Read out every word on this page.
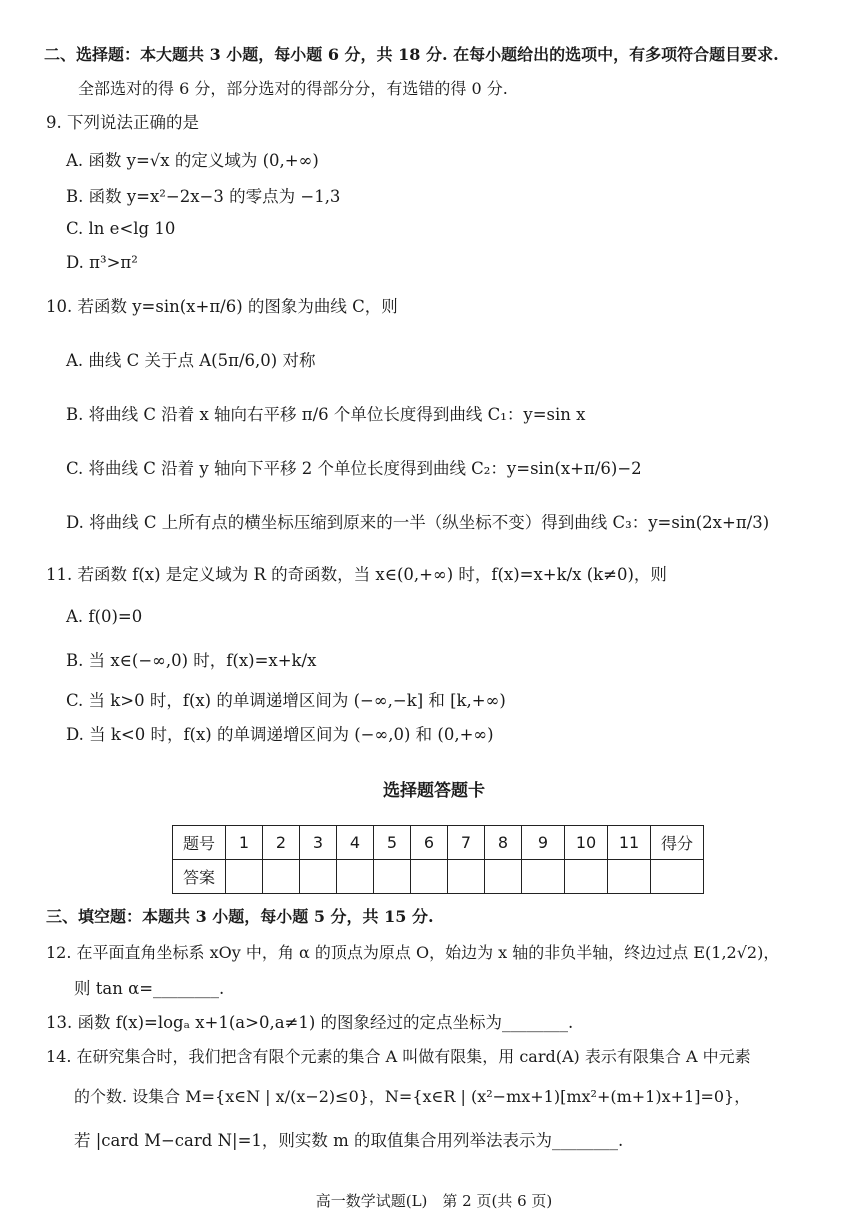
二、选择题：本大题共 3 小题，每小题 6 分，共 18 分. 在每小题给出的选项中，有多项符合题目要求.
全部选对的得 6 分，部分选对的得部分分，有选错的得 0 分.
9. 下列说法正确的是
A. 函数 y=√x 的定义域为 (0,+∞)
B. 函数 y=x²−2x−3 的零点为 −1,3
C. ln e<lg 10
D. π³>π²
10. 若函数 y=sin(x+π/6) 的图象为曲线 C，则
A. 曲线 C 关于点 A(5π/6,0) 对称
B. 将曲线 C 沿着 x 轴向右平移 π/6 个单位长度得到曲线 C₁：y=sin x
C. 将曲线 C 沿着 y 轴向下平移 2 个单位长度得到曲线 C₂：y=sin(x+π/6)−2
D. 将曲线 C 上所有点的横坐标压缩到原来的一半（纵坐标不变）得到曲线 C₃：y=sin(2x+π/3)
11. 若函数 f(x) 是定义域为 R 的奇函数，当 x∈(0,+∞) 时，f(x)=x+k/x (k≠0)，则
A. f(0)=0
B. 当 x∈(−∞,0) 时，f(x)=x+k/x
C. 当 k>0 时，f(x) 的单调递增区间为 (−∞,−k] 和 [k,+∞)
D. 当 k<0 时，f(x) 的单调递增区间为 (−∞,0) 和 (0,+∞)
选择题答题卡
题号	1	2	3	4	5	6	7	8	9	10	11	得分
答案												
三、填空题：本题共 3 小题，每小题 5 分，共 15 分.
12. 在平面直角坐标系 xOy 中，角 α 的顶点为原点 O，始边为 x 轴的非负半轴，终边过点 E(1,2√2)，
则 tan α=________.
13. 函数 f(x)=logₐ x+1(a>0,a≠1) 的图象经过的定点坐标为________.
14. 在研究集合时，我们把含有限个元素的集合 A 叫做有限集，用 card(A) 表示有限集合 A 中元素
的个数. 设集合 M={x∈N | x/(x−2)≤0}，N={x∈R | (x²−mx+1)[mx²+(m+1)x+1]=0}，
若 |card M−card N|=1，则实数 m 的取值集合用列举法表示为________.
高一数学试题(L)　第 2 页(共 6 页)
